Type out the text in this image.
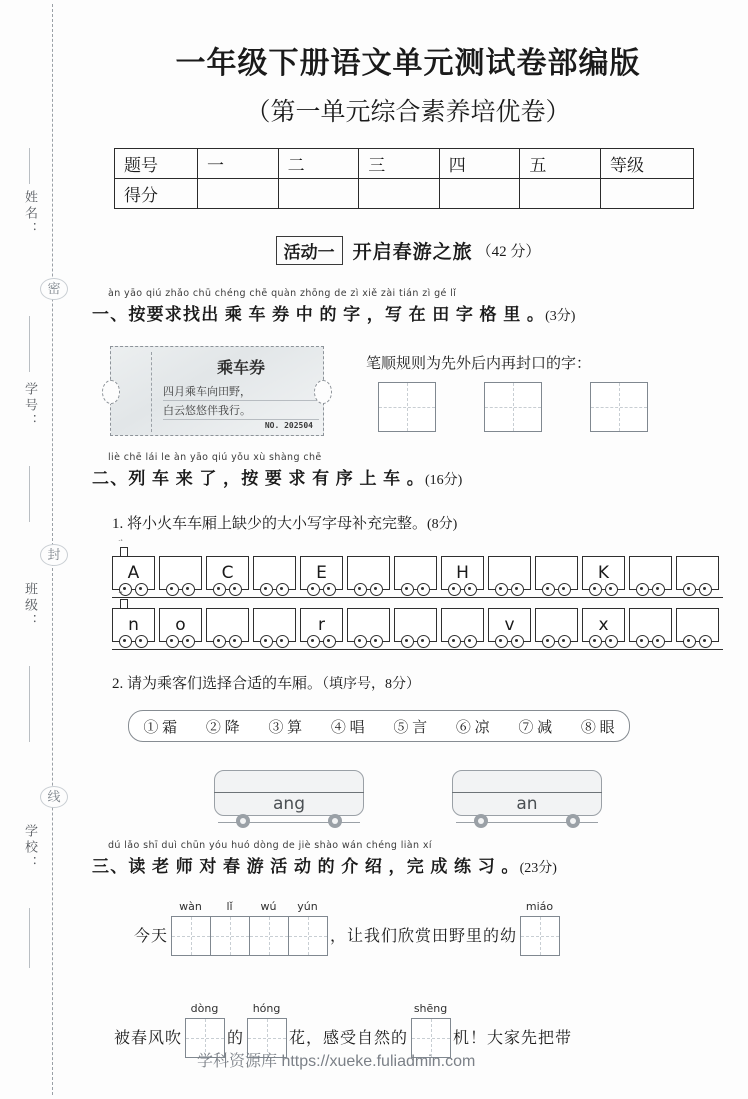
姓名：
密
学号：
封
班级：
线
学校：
一年级下册语文单元测试卷部编版
（第一单元综合素养培优卷）
题号	一	二	三	四	五	等级
得分						
活动一 开启春游之旅 （42 分）
àn yāo qiú zhǎo chū chéng chē quàn zhōng de zì xiě zài tián zì gé lǐ
一、按要求找出 乘 车 券 中 的 字 ，写 在 田 字 格 里 。(3分)
乘车券
四月乘车向田野，
白云悠悠伴我行。
NO. 202504
笔顺规则为先外后内再封口的字：
liè chē lái le àn yāo qiú yǒu xù shàng chē
二、列 车 来 了 ，按 要 求 有 序 上 车 。(16分)
1. 将小火车车厢上缺少的大小写字母补充完整。(8分)
˙˚
A	C	E	H	K
˙˚
n	o	r	v	x
2. 请为乘客们选择合适的车厢。（填序号，8分）
① 霜 ② 降 ③ 算 ④ 唱 ⑤ 言 ⑥ 凉 ⑦ 减 ⑧ 眼
ang	an
dú lǎo shī duì chūn yóu huó dòng de jiè shào wán chéng liàn xí
三、读 老 师 对 春 游 活 动 的 介 绍 ，完 成 练 习 。(23分)
今天
wàn	lǐ	wú	yún
，让我们欣赏田野里的幼
miáo
被春风吹
dòng
的
hóng
花，感受自然的
shēng
机！大家先把带
学科资源库 https://xueke.fuliadmin.com
